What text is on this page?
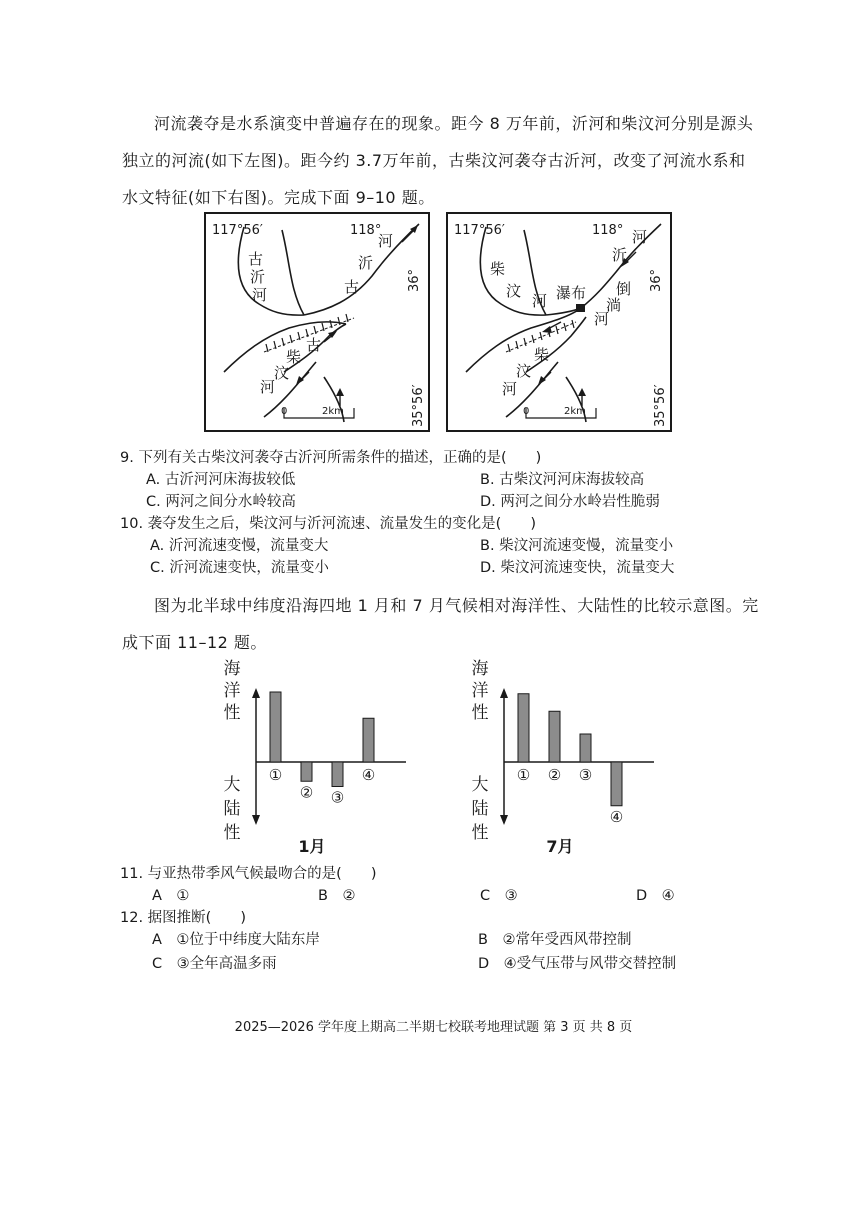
河流袭夺是水系演变中普遍存在的现象。距今 8 万年前，沂河和柴汶河分别是源头
独立的河流(如下左图)。距今约 3.7万年前，古柴汶河袭夺古沂河，改变了河流水系和
水文特征(如下右图)。完成下面 9–10 题。
117°56′	118°
36°
35°56′
古
沂
河
河
沂
古
古
柴
汶
河
0	2km
117°56′	118°
36°
35°56′
柴
汶
河 瀑布
河
沂
倒
淌
河
柴
汶
河
0	2km
9. 下列有关古柴汶河袭夺古沂河所需条件的描述，正确的是(　　)
A. 古沂河河床海拔较低	B. 古柴汶河河床海拔较高
C. 两河之间分水岭较高	D. 两河之间分水岭岩性脆弱
10. 袭夺发生之后，柴汶河与沂河流速、流量发生的变化是(　　)
A. 沂河流速变慢，流量变大	B. 柴汶河流速变慢，流量变小
C. 沂河流速变快，流量变小	D. 柴汶河流速变快，流量变大
图为北半球中纬度沿海四地 1 月和 7 月气候相对海洋性、大陆性的比较示意图。完
成下面 11–12 题。
海
洋
性
大
陆
性
①
② ③
④
1月
海
洋
性
大
陆
性
① ② ③
④
7月
11. 与亚热带季风气候最吻合的是(　　)
A　①	B　②	C　③	D　④
12. 据图推断(　　)
A　①位于中纬度大陆东岸	B　②常年受西风带控制
C　③全年高温多雨	D　④受气压带与风带交替控制
2025—2026 学年度上期高二半期七校联考地理试题 第 3 页 共 8 页
